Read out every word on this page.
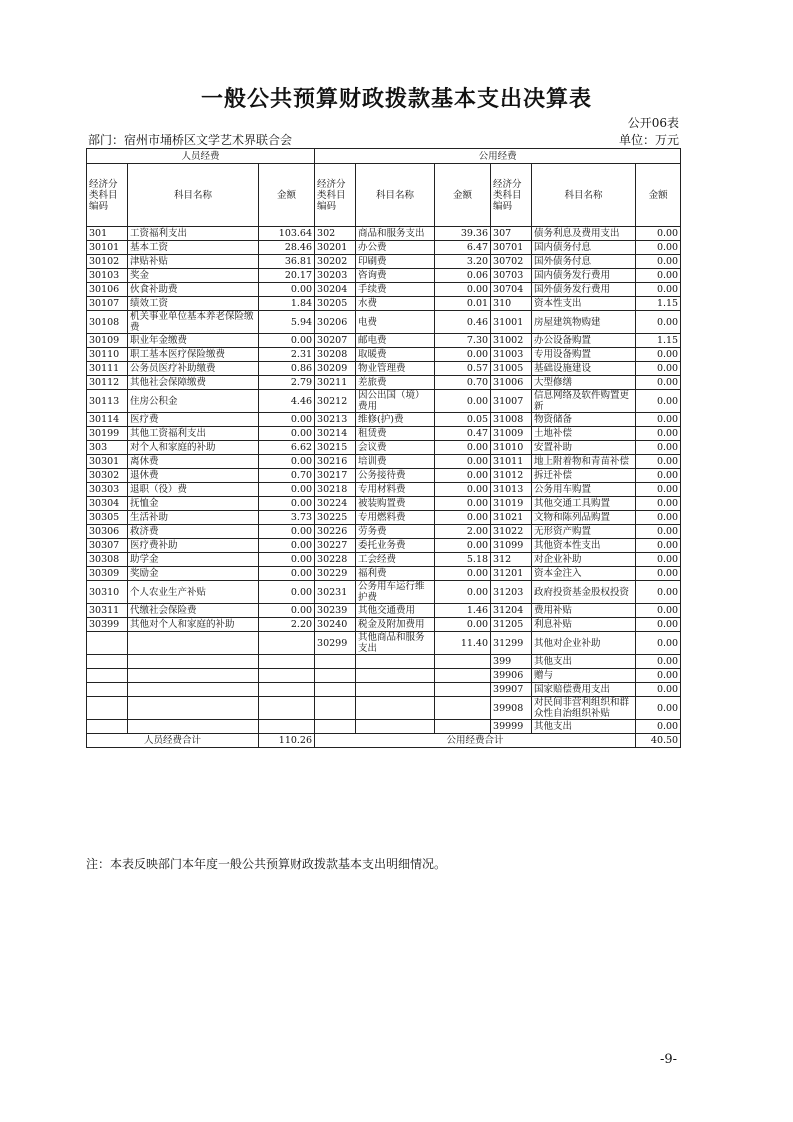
一般公共预算财政拨款基本支出决算表
公开06表
部门：宿州市埇桥区文学艺术界联合会	单位：万元
人员经费			公用经费					
经济分类科目编码	科目名称	金额	经济分类科目编码	科目名称	金额	经济分类科目编码	科目名称	金额
301	工资福利支出	103.64	302	商品和服务支出	39.36	307	债务利息及费用支出	0.00
30101	基本工资	28.46	30201	办公费	6.47	30701	国内债务付息	0.00
30102	津贴补贴	36.81	30202	印刷费	3.20	30702	国外债务付息	0.00
30103	奖金	20.17	30203	咨询费	0.06	30703	国内债务发行费用	0.00
30106	伙食补助费	0.00	30204	手续费	0.00	30704	国外债务发行费用	0.00
30107	绩效工资	1.84	30205	水费	0.01	310	资本性支出	1.15
30108	机关事业单位基本养老保险缴费	5.94	30206	电费	0.46	31001	房屋建筑物购建	0.00
30109	职业年金缴费	0.00	30207	邮电费	7.30	31002	办公设备购置	1.15
30110	职工基本医疗保险缴费	2.31	30208	取暖费	0.00	31003	专用设备购置	0.00
30111	公务员医疗补助缴费	0.86	30209	物业管理费	0.57	31005	基础设施建设	0.00
30112	其他社会保障缴费	2.79	30211	差旅费	0.70	31006	大型修缮	0.00
30113	住房公积金	4.46	30212	因公出国（境）费用	0.00	31007	信息网络及软件购置更新	0.00
30114	医疗费	0.00	30213	维修(护)费	0.05	31008	物资储备	0.00
30199	其他工资福利支出	0.00	30214	租赁费	0.47	31009	土地补偿	0.00
303	对个人和家庭的补助	6.62	30215	会议费	0.00	31010	安置补助	0.00
30301	离休费	0.00	30216	培训费	0.00	31011	地上附着物和青苗补偿	0.00
30302	退休费	0.70	30217	公务接待费	0.00	31012	拆迁补偿	0.00
30303	退职（役）费	0.00	30218	专用材料费	0.00	31013	公务用车购置	0.00
30304	抚恤金	0.00	30224	被装购置费	0.00	31019	其他交通工具购置	0.00
30305	生活补助	3.73	30225	专用燃料费	0.00	31021	文物和陈列品购置	0.00
30306	救济费	0.00	30226	劳务费	2.00	31022	无形资产购置	0.00
30307	医疗费补助	0.00	30227	委托业务费	0.00	31099	其他资本性支出	0.00
30308	助学金	0.00	30228	工会经费	5.18	312	对企业补助	0.00
30309	奖励金	0.00	30229	福利费	0.00	31201	资本金注入	0.00
30310	个人农业生产补贴	0.00	30231	公务用车运行维护费	0.00	31203	政府投资基金股权投资	0.00
30311	代缴社会保险费	0.00	30239	其他交通费用	1.46	31204	费用补贴	0.00
30399	其他对个人和家庭的补助	2.20	30240	税金及附加费用	0.00	31205	利息补贴	0.00
			30299	其他商品和服务支出	11.40	31299	其他对企业补助	0.00
						399	其他支出	0.00
						39906	赠与	0.00
						39907	国家赔偿费用支出	0.00
						39908	对民间非营利组织和群众性自治组织补贴	0.00
						39999	其他支出	0.00
人员经费合计		110.26	公用经费合计					40.50
注：本表反映部门本年度一般公共预算财政拨款基本支出明细情况。
-9-
